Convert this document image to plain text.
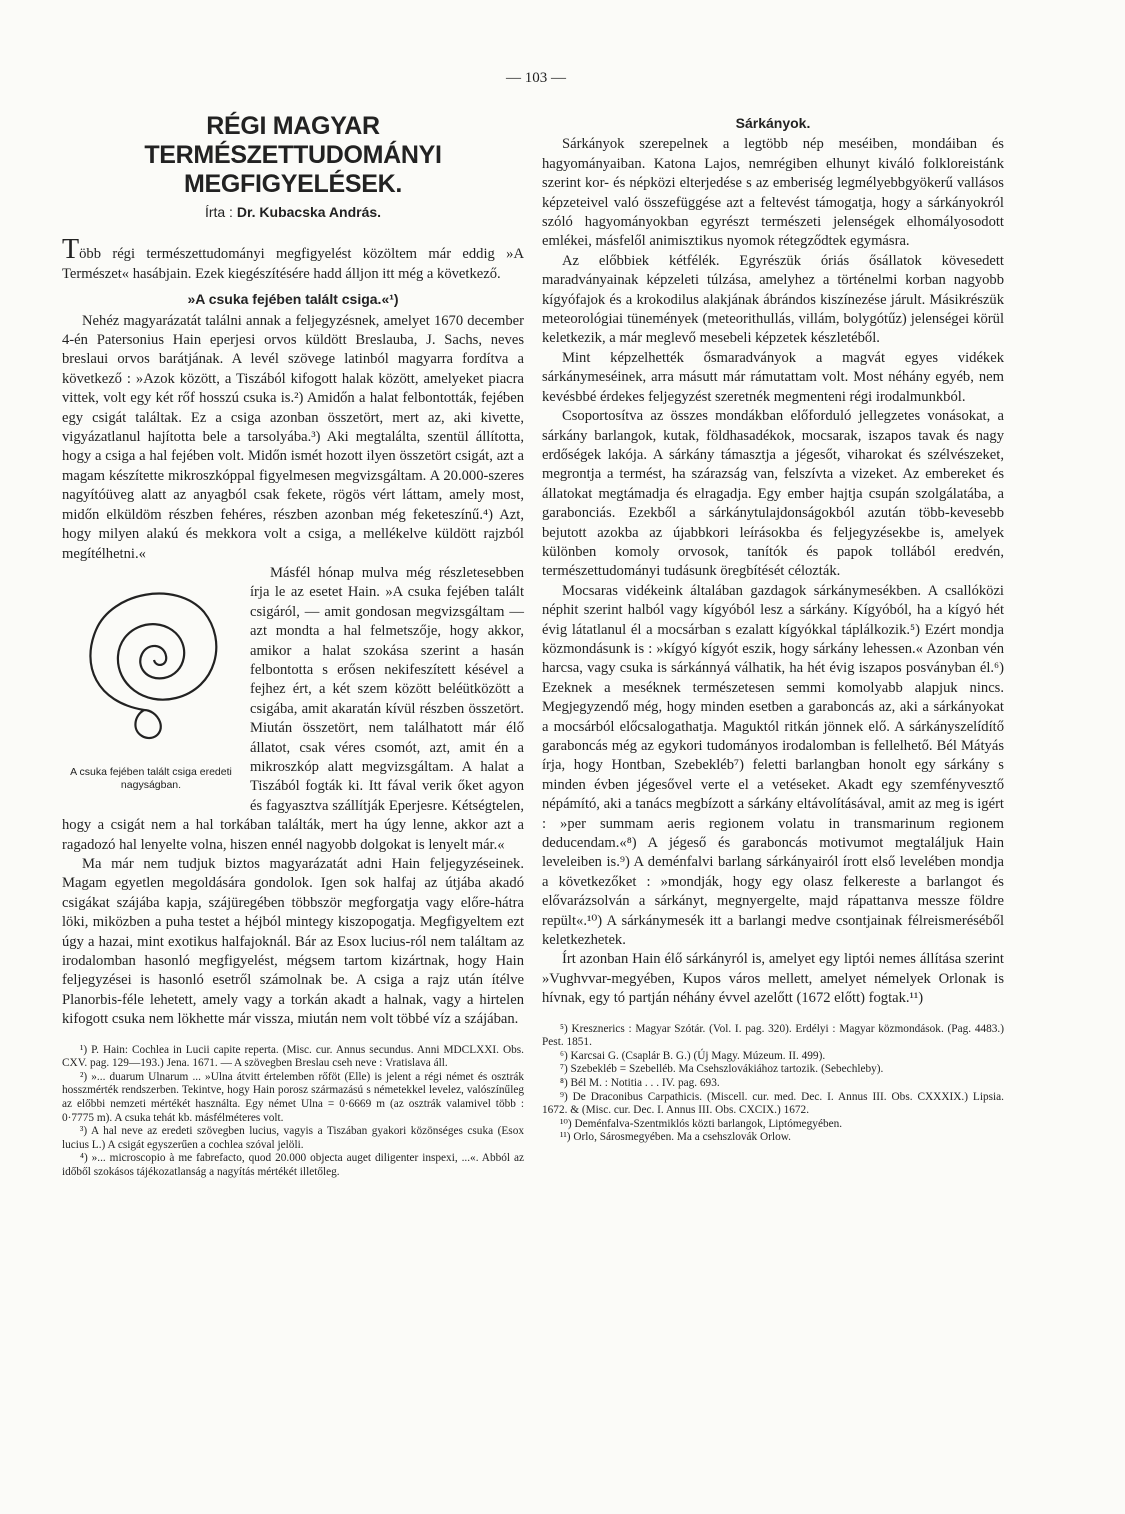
— 103 —
RÉGI MAGYAR TERMÉSZETTUDOMÁNYI
MEGFIGYELÉSEK.
Írta : Dr. Kubacska András.

Több régi természettudományi megfigyelést közöltem már eddig »A Természet« hasábjain. Ezek kiegészítésére hadd álljon itt még a következő.

»A csuka fejében talált csiga.«¹)

Nehéz magyarázatát találni annak a feljegyzésnek, amelyet 1670 december 4-én Patersonius Hain eperjesi orvos küldött Breslauba, J. Sachs, neves breslaui orvos barátjának. A levél szövege latinból magyarra fordítva a következő : »Azok között, a Tiszából kifogott halak között, amelyeket piacra vittek, volt egy két rőf hosszú csuka is.²) Amidőn a halat felbontották, fejében egy csigát találtak. Ez a csiga azonban összetört, mert az, aki kivette, vigyázatlanul hajította bele a tarsolyába.³) Aki megtalálta, szentül állította, hogy a csiga a hal fejében volt. Midőn ismét hozott ilyen összetört csigát, azt a magam készítette mikroszkóppal figyelmesen megvizsgáltam. A 20.000-szeres nagyítóüveg alatt az anyagból csak fekete, rögös vért láttam, amely most, midőn elküldöm részben fehéres, részben azonban még feketeszínű.⁴) Azt, hogy milyen alakú és mekkora volt a csiga, a mellékelve küldött rajzból megítélhetni.«

A csuka fejében talált csiga eredeti nagyságban.

Másfél hónap mulva még részletesebben írja le az esetet Hain. »A csuka fejében talált csigáról, — amit gondosan megvizsgáltam — azt mondta a hal felmetszője, hogy akkor, amikor a halat szokása szerint a hasán felbontotta s erősen nekifeszített késével a fejhez ért, a két szem között beléütközött a csigába, amit akaratán kívül részben összetört. Miután összetört, nem találhatott már élő állatot, csak véres csomót, azt, amit én a mikroszkóp alatt megvizsgáltam. A halat a Tiszából fogták ki. Itt fával verik őket agyon és fagyasztva szállítják Eperjesre. Kétségtelen, hogy a csigát nem a hal torkában találták, mert ha úgy lenne, akkor azt a ragadozó hal lenyelte volna, hiszen ennél nagyobb dolgokat is lenyelt már.«

Ma már nem tudjuk biztos magyarázatát adni Hain feljegyzéseinek. Magam egyetlen megoldására gondolok. Igen sok halfaj az útjába akadó csigákat szájába kapja, szájüregében többször megforgatja vagy előre-hátra löki, miközben a puha testet a héjból mintegy kiszopogatja. Megfigyeltem ezt úgy a hazai, mint exotikus halfajoknál. Bár az Esox lucius-ról nem találtam az irodalomban hasonló megfigyelést, mégsem tartom kizártnak, hogy Hain feljegyzései is hasonló esetről számolnak be. A csiga a rajz után ítélve Planorbis-féle lehetett, amely vagy a torkán akadt a halnak, vagy a hirtelen kifogott csuka nem lökhette már vissza, miután nem volt többé víz a szájában.

¹) P. Hain: Cochlea in Lucii capite reperta. (Misc. cur. Annus secundus. Anni MDCLXXI. Obs. CXV. pag. 129—193.) Jena. 1671. — A szövegben Breslau cseh neve : Vratislava áll.

²) »... duarum Ulnarum ... »Ulna átvitt értelemben rőföt (Elle) is jelent a régi német és osztrák hosszmérték rendszerben. Tekintve, hogy Hain porosz származású s németekkel levelez, valószínűleg az előbbi nemzeti mértékét használta. Egy német Ulna = 0·6669 m (az osztrák valamivel több : 0·7775 m). A csuka tehát kb. másfélméteres volt.

³) A hal neve az eredeti szövegben lucius, vagyis a Tiszában gyakori közönséges csuka (Esox lucius L.) A csigát egyszerűen a cochlea szóval jelöli.

⁴) »... microscopio à me fabrefacto, quod 20.000 objecta auget diligenter inspexi, ...«. Abból az időből szokásos tájékozatlanság a nagyítás mértékét illetőleg.

Sárkányok.

Sárkányok szerepelnek a legtöbb nép meséiben, mondáiban és hagyományaiban. Katona Lajos, nemrégiben elhunyt kiváló folkloreistánk szerint kor- és népközi elterjedése s az emberiség legmélyebbgyökerű vallásos képzeteivel való összefüggése azt a feltevést támogatja, hogy a sárkányokról szóló hagyományokban egyrészt természeti jelenségek elhomályosodott emlékei, másfelől animisztikus nyomok rétegződtek egymásra.

Az előbbiek kétfélék. Egyrészük óriás ősállatok kövesedett maradványainak képzeleti túlzása, amelyhez a történelmi korban nagyobb kígyófajok és a krokodilus alakjának ábrándos kiszínezése járult. Másikrészük meteorológiai tünemények (meteorithullás, villám, bolygótűz) jelenségei körül keletkezik, a már meglevő mesebeli képzetek készletéből.

Mint képzelhették ősmaradványok a magvát egyes vidékek sárkánymeséinek, arra másutt már rámutattam volt. Most néhány egyéb, nem kevésbbé érdekes feljegyzést szeretnék megmenteni régi irodalmunkból.

Csoportosítva az összes mondákban előforduló jellegzetes vonásokat, a sárkány barlangok, kutak, földhasadékok, mocsarak, iszapos tavak és nagy erdőségek lakója. A sárkány támasztja a jégesőt, viharokat és szélvészeket, megrontja a termést, ha szárazság van, felszívta a vizeket. Az embereket és állatokat megtámadja és elragadja. Egy ember hajtja csupán szolgálatába, a garabonciás. Ezekből a sárkánytulajdonságokból azután több-kevesebb bejutott azokba az újabbkori leírásokba és feljegyzésekbe is, amelyek különben komoly orvosok, tanítók és papok tollából eredvén, természettudományi tudásunk öregbítését célozták.

Mocsaras vidékeink általában gazdagok sárkánymesékben. A csallóközi néphit szerint halból vagy kígyóból lesz a sárkány. Kígyóból, ha a kígyó hét évig látatlanul él a mocsárban s ezalatt kígyókkal táplálkozik.⁵) Ezért mondja közmondásunk is : »kígyó kígyót eszik, hogy sárkány lehessen.« Azonban vén harcsa, vagy csuka is sárkánnyá válhatik, ha hét évig iszapos posványban él.⁶) Ezeknek a meséknek természetesen semmi komolyabb alapjuk nincs. Megjegyzendő még, hogy minden esetben a garaboncás az, aki a sárkányokat a mocsárból előcsalogathatja. Maguktól ritkán jönnek elő. A sárkányszelídítő garaboncás még az egykori tudományos irodalomban is fellelhető. Bél Mátyás írja, hogy Hontban, Szebekléb⁷) feletti barlangban honolt egy sárkány s minden évben jégesővel verte el a vetéseket. Akadt egy szemfényvesztő népámító, aki a tanács megbízott a sárkány eltávolításával, amit az meg is igért : »per summam aeris regionem volatu in transmarinum regionem deducendam.«⁸) A jégeső és garaboncás motivumot megtaláljuk Hain leveleiben is.⁹) A deménfalvi barlang sárkányairól írott első levelében mondja a következőket : »mondják, hogy egy olasz felkereste a barlangot és elővarázsolván a sárkányt, megnyergelte, majd rápattanva messze földre repült«.¹⁰) A sárkánymesék itt a barlangi medve csontjainak félreismeréséből keletkezhetek.

Írt azonban Hain élő sárkányról is, amelyet egy liptói nemes állítása szerint »Vughvvar-megyében, Kupos város mellett, amelyet némelyek Orlonak is hívnak, egy tó partján néhány évvel azelőtt (1672 előtt) fogtak.¹¹)

⁵) Kresznerics : Magyar Szótár. (Vol. I. pag. 320). Erdélyi : Magyar közmondások. (Pag. 4483.) Pest. 1851.

⁶) Karcsai G. (Csaplár B. G.) (Új Magy. Múzeum. II. 499).

⁷) Szebekléb = Szebelléb. Ma Csehszlovákiához tartozik. (Sebechleby).

⁸) Bél M. : Notitia . . . IV. pag. 693.

⁹) De Draconibus Carpathicis. (Miscell. cur. med. Dec. I. Annus III. Obs. CXXXIX.) Lipsia. 1672. & (Misc. cur. Dec. I. Annus III. Obs. CXCIX.) 1672.

¹⁰) Deménfalva-Szentmiklós közti barlangok, Liptómegyében.

¹¹) Orlo, Sárosmegyében. Ma a csehszlovák Orlow.
